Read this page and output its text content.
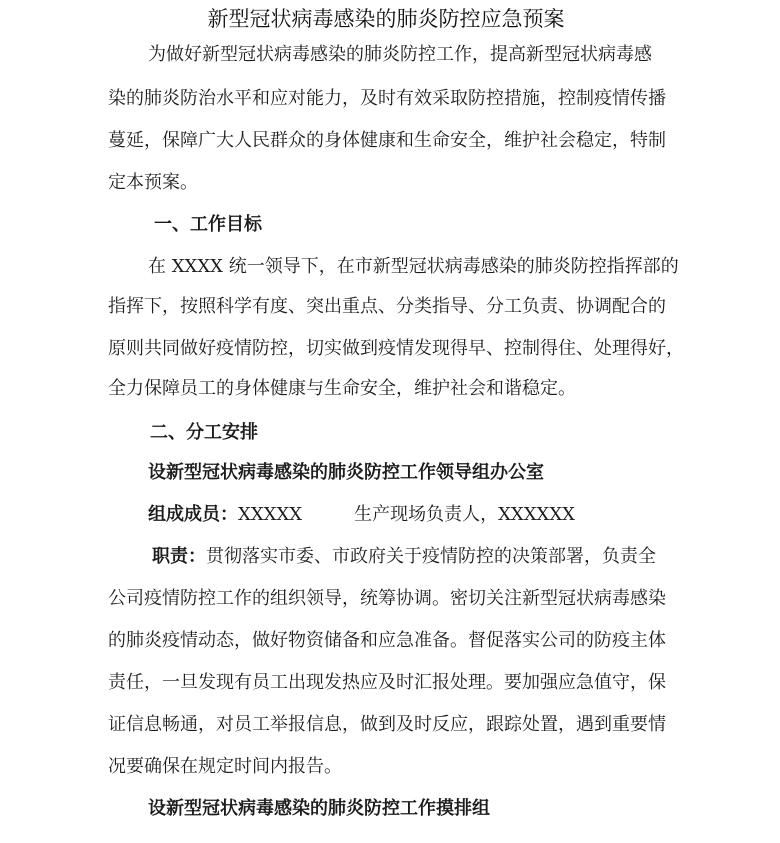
新型冠状病毒感染的肺炎防控应急预案
为做好新型冠状病毒感染的肺炎防控工作，提高新型冠状病毒感
染的肺炎防治水平和应对能力，及时有效采取防控措施，控制疫情传播
蔓延，保障广大人民群众的身体健康和生命安全，维护社会稳定，特制
定本预案。
一、工作目标
在 XXXX 统一领导下，在市新型冠状病毒感染的肺炎防控指挥部的
指挥下，按照科学有度、突出重点、分类指导、分工负责、协调配合的
原则共同做好疫情防控，切实做到疫情发现得早、控制得住、处理得好，
全力保障员工的身体健康与生命安全，维护社会和谐稳定。
二、分工安排
设新型冠状病毒感染的肺炎防控工作领导组办公室
组成成员：XXXXX	生产现场负责人，XXXXXX
职责：贯彻落实市委、市政府关于疫情防控的决策部署，负责全
公司疫情防控工作的组织领导，统筹协调。密切关注新型冠状病毒感染
的肺炎疫情动态，做好物资储备和应急准备。督促落实公司的防疫主体
责任，一旦发现有员工出现发热应及时汇报处理。要加强应急值守，保
证信息畅通，对员工举报信息，做到及时反应，跟踪处置，遇到重要情
况要确保在规定时间内报告。
设新型冠状病毒感染的肺炎防控工作摸排组
